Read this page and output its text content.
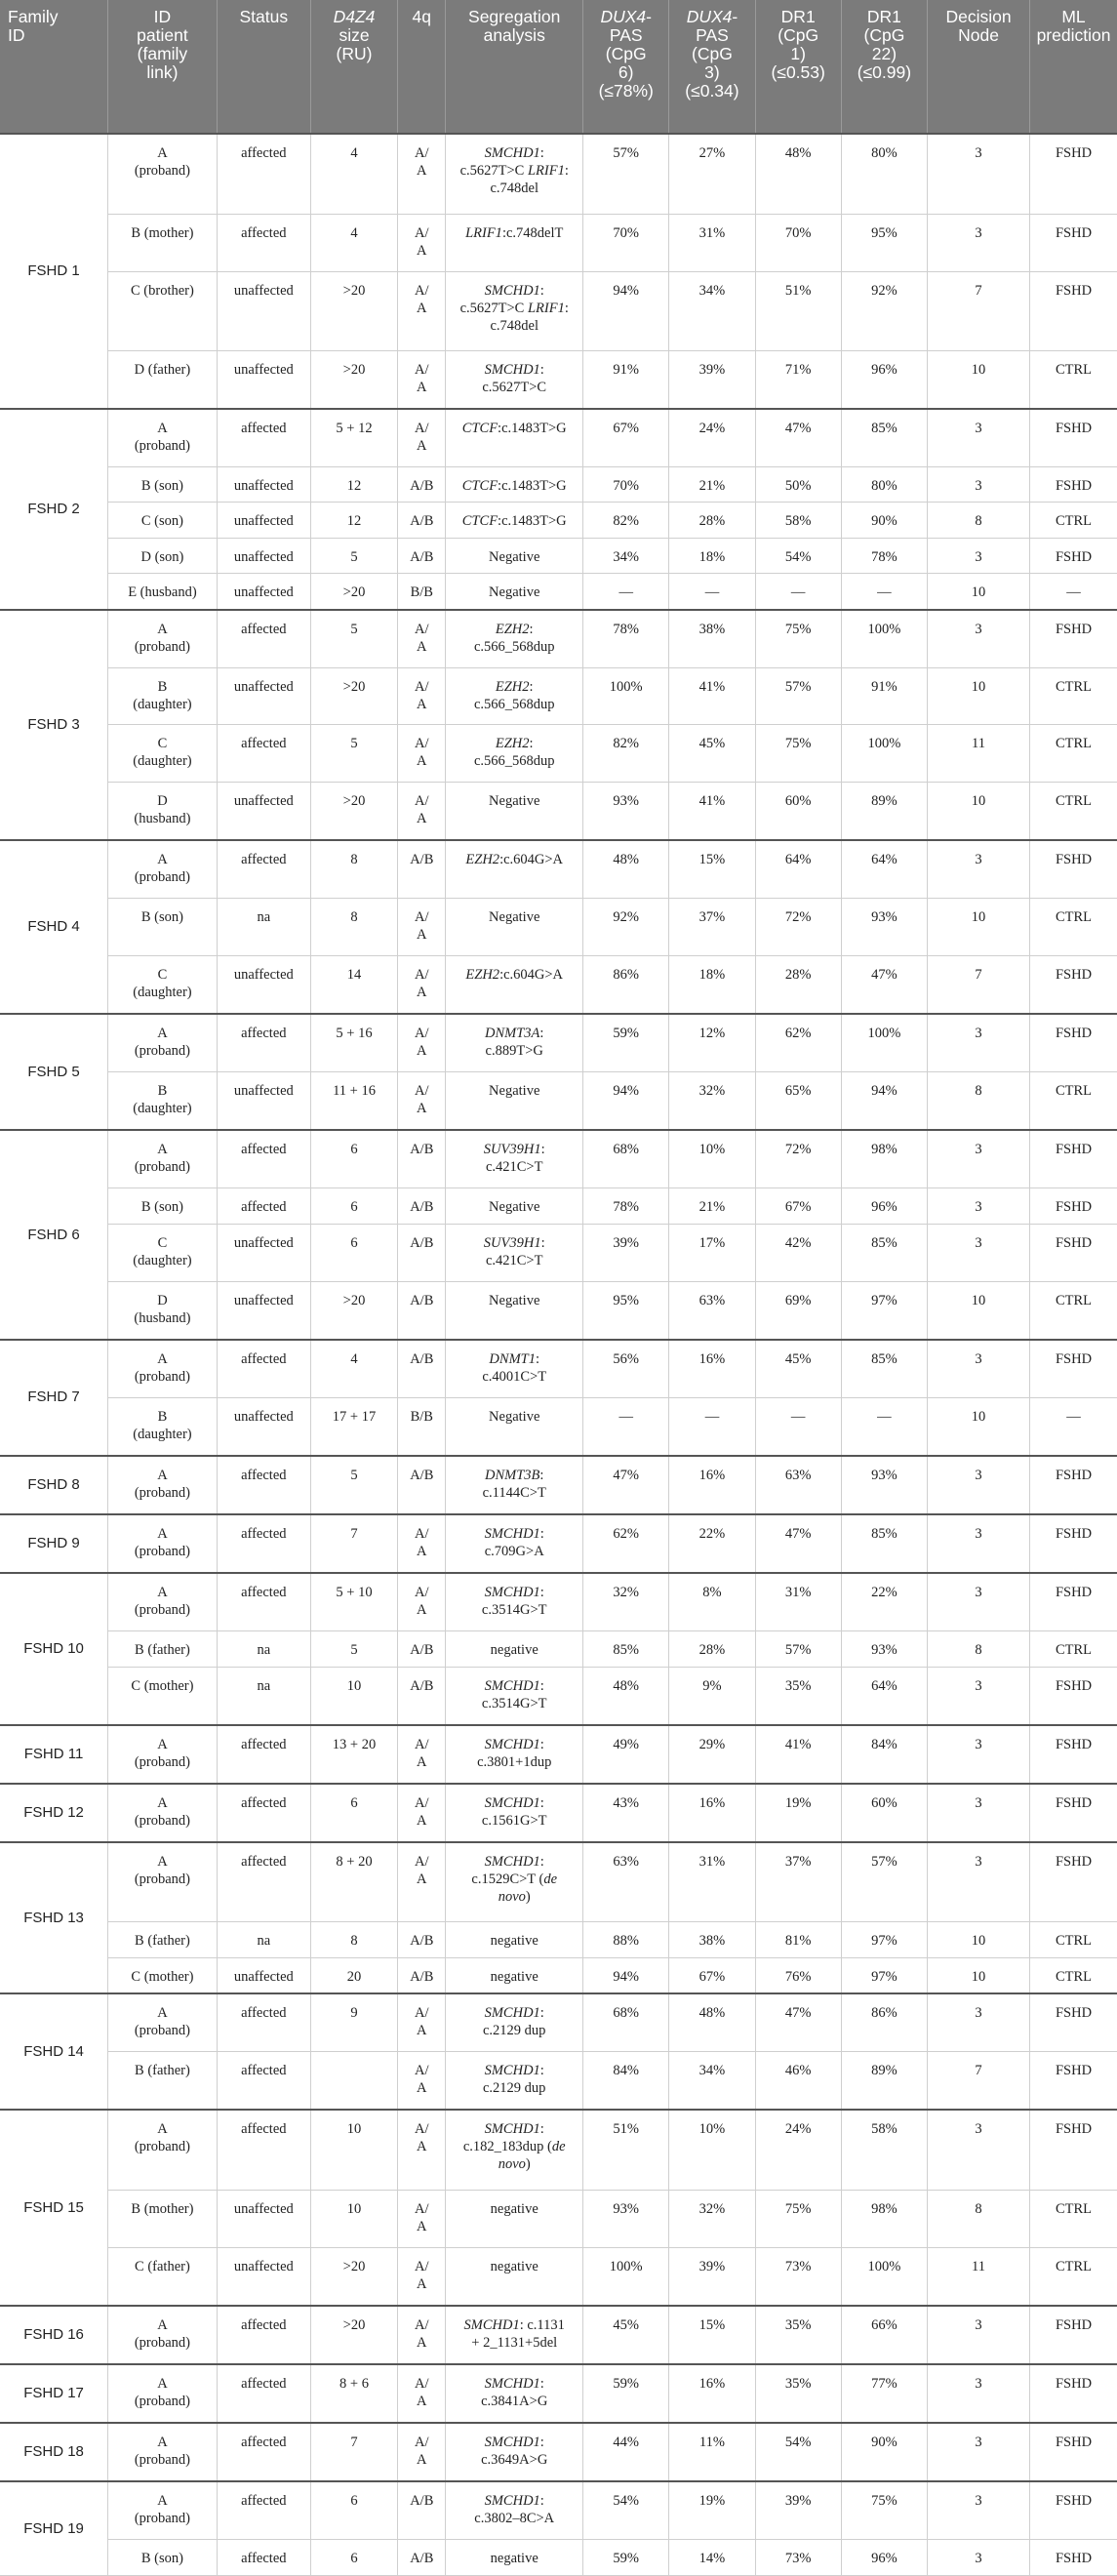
Family
ID	ID
patient
(family
link)	Status	D4Z4
size
(RU)	4q	Segregation
analysis	DUX4-
PAS
(CpG
6)
(≤78%)	DUX4-
PAS
(CpG
3)
(≤0.34)	DR1
(CpG
1)
(≤0.53)	DR1
(CpG
22)
(≤0.99)	Decision
Node	ML
prediction
FSHD 1	A
(proband)	affected	4	A/
A	SMCHD1:
c.5627T>C LRIF1:
c.748del	57%	27%	48%	80%	3	FSHD
	B (mother)	affected	4	A/
A	LRIF1:c.748delT	70%	31%	70%	95%	3	FSHD
	C (brother)	unaffected	>20	A/
A	SMCHD1:
c.5627T>C LRIF1:
c.748del	94%	34%	51%	92%	7	FSHD
	D (father)	unaffected	>20	A/
A	SMCHD1:
c.5627T>C	91%	39%	71%	96%	10	CTRL
FSHD 2	A
(proband)	affected	5 + 12	A/
A	CTCF:c.1483T>G	67%	24%	47%	85%	3	FSHD
	B (son)	unaffected	12	A/B	CTCF:c.1483T>G	70%	21%	50%	80%	3	FSHD
	C (son)	unaffected	12	A/B	CTCF:c.1483T>G	82%	28%	58%	90%	8	CTRL
	D (son)	unaffected	5	A/B	Negative	34%	18%	54%	78%	3	FSHD
	E (husband)	unaffected	>20	B/B	Negative	—	—	—	—	10	—
FSHD 3	A
(proband)	affected	5	A/
A	EZH2:
c.566_568dup	78%	38%	75%	100%	3	FSHD
	B
(daughter)	unaffected	>20	A/
A	EZH2:
c.566_568dup	100%	41%	57%	91%	10	CTRL
	C
(daughter)	affected	5	A/
A	EZH2:
c.566_568dup	82%	45%	75%	100%	11	CTRL
	D
(husband)	unaffected	>20	A/
A	Negative	93%	41%	60%	89%	10	CTRL
FSHD 4	A
(proband)	affected	8	A/B	EZH2:c.604G>A	48%	15%	64%	64%	3	FSHD
	B (son)	na	8	A/
A	Negative	92%	37%	72%	93%	10	CTRL
	C
(daughter)	unaffected	14	A/
A	EZH2:c.604G>A	86%	18%	28%	47%	7	FSHD
FSHD 5	A
(proband)	affected	5 + 16	A/
A	DNMT3A:
c.889T>G	59%	12%	62%	100%	3	FSHD
	B
(daughter)	unaffected	11 + 16	A/
A	Negative	94%	32%	65%	94%	8	CTRL
FSHD 6	A
(proband)	affected	6	A/B	SUV39H1:
c.421C>T	68%	10%	72%	98%	3	FSHD
	B (son)	affected	6	A/B	Negative	78%	21%	67%	96%	3	FSHD
	C
(daughter)	unaffected	6	A/B	SUV39H1:
c.421C>T	39%	17%	42%	85%	3	FSHD
	D
(husband)	unaffected	>20	A/B	Negative	95%	63%	69%	97%	10	CTRL
FSHD 7	A
(proband)	affected	4	A/B	DNMT1:
c.4001C>T	56%	16%	45%	85%	3	FSHD
	B
(daughter)	unaffected	17 + 17	B/B	Negative	—	—	—	—	10	—
FSHD 8	A
(proband)	affected	5	A/B	DNMT3B:
c.1144C>T	47%	16%	63%	93%	3	FSHD
FSHD 9	A
(proband)	affected	7	A/
A	SMCHD1:
c.709G>A	62%	22%	47%	85%	3	FSHD
FSHD 10	A
(proband)	affected	5 + 10	A/
A	SMCHD1:
c.3514G>T	32%	8%	31%	22%	3	FSHD
	B (father)	na	5	A/B	negative	85%	28%	57%	93%	8	CTRL
	C (mother)	na	10	A/B	SMCHD1:
c.3514G>T	48%	9%	35%	64%	3	FSHD
FSHD 11	A
(proband)	affected	13 + 20	A/
A	SMCHD1:
c.3801+1dup	49%	29%	41%	84%	3	FSHD
FSHD 12	A
(proband)	affected	6	A/
A	SMCHD1:
c.1561G>T	43%	16%	19%	60%	3	FSHD
FSHD 13	A
(proband)	affected	8 + 20	A/
A	SMCHD1:
c.1529C>T (de
novo)	63%	31%	37%	57%	3	FSHD
	B (father)	na	8	A/B	negative	88%	38%	81%	97%	10	CTRL
	C (mother)	unaffected	20	A/B	negative	94%	67%	76%	97%	10	CTRL
FSHD 14	A
(proband)	affected	9	A/
A	SMCHD1:
c.2129 dup	68%	48%	47%	86%	3	FSHD
	B (father)	affected		A/
A	SMCHD1:
c.2129 dup	84%	34%	46%	89%	7	FSHD
FSHD 15	A
(proband)	affected	10	A/
A	SMCHD1:
c.182_183dup (de
novo)	51%	10%	24%	58%	3	FSHD
	B (mother)	unaffected	10	A/
A	negative	93%	32%	75%	98%	8	CTRL
	C (father)	unaffected	>20	A/
A	negative	100%	39%	73%	100%	11	CTRL
FSHD 16	A
(proband)	affected	>20	A/
A	SMCHD1: c.1131
+ 2_1131+5del	45%	15%	35%	66%	3	FSHD
FSHD 17	A
(proband)	affected	8 + 6	A/
A	SMCHD1:
c.3841A>G	59%	16%	35%	77%	3	FSHD
FSHD 18	A
(proband)	affected	7	A/
A	SMCHD1:
c.3649A>G	44%	11%	54%	90%	3	FSHD
FSHD 19	A
(proband)	affected	6	A/B	SMCHD1:
c.3802–8C>A	54%	19%	39%	75%	3	FSHD
	B (son)	affected	6	A/B	negative	59%	14%	73%	96%	3	FSHD
